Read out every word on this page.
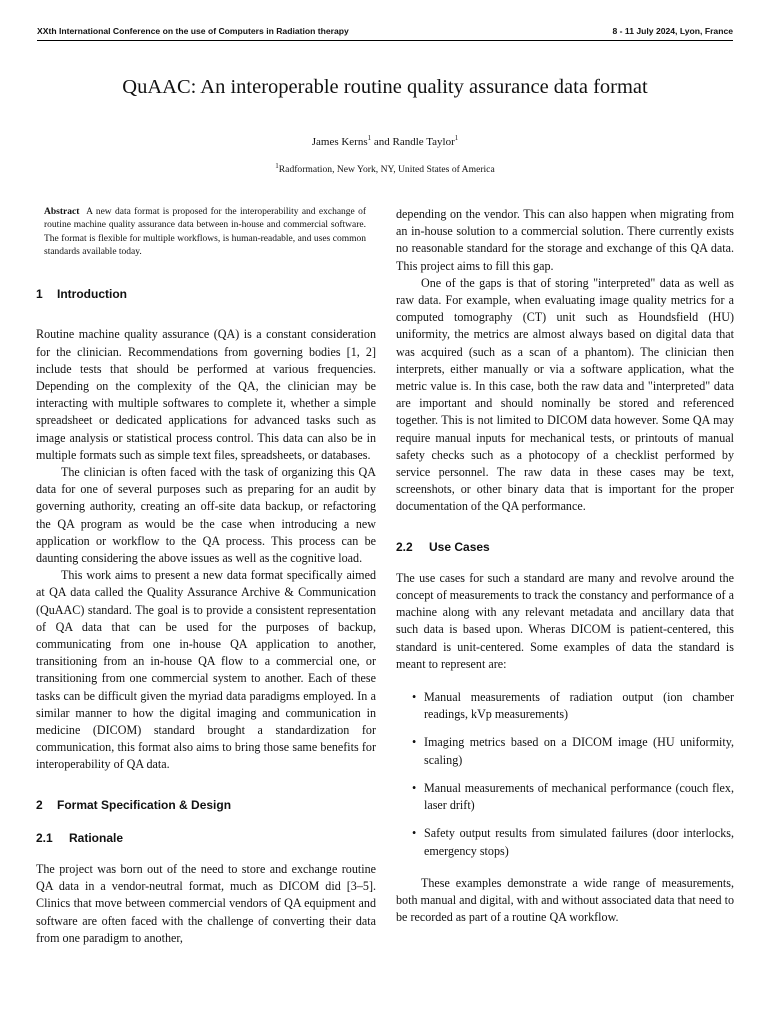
XXth International Conference on the use of Computers in Radiation therapy	8 - 11 July 2024, Lyon, France
QuAAC: An interoperable routine quality assurance data format
James Kerns$^1$ and Randle Taylor$^1$
$^1$Radformation, New York, NY, United States of America

Abstract A new data format is proposed for the interoperability and exchange of routine machine quality assurance data between in-house and commercial software. The format is flexible for multiple workflows, is human-readable, and uses common standards available today.

1 Introduction

Routine machine quality assurance (QA) is a constant consideration for the clinician. Recommendations from governing bodies [1, 2] include tests that should be performed at various frequencies. Depending on the complexity of the QA, the clinician may be interacting with multiple softwares to complete it, whether a simple spreadsheet or dedicated applications for advanced tasks such as image analysis or statistical process control. This data can also be in multiple formats such as simple text files, spreadsheets, or databases.

The clinician is often faced with the task of organizing this QA data for one of several purposes such as preparing for an audit by governing authority, creating an off-site data backup, or refactoring the QA program as would be the case when introducing a new application or workflow to the QA process. This process can be daunting considering the above issues as well as the cognitive load.

This work aims to present a new data format specifically aimed at QA data called the Quality Assurance Archive & Communication (QuAAC) standard. The goal is to provide a consistent representation of QA data that can be used for the purposes of backup, communicating from one in-house QA application to another, transitioning from an in-house QA flow to a commercial one, or transitioning from one commercial system to another. Each of these tasks can be difficult given the myriad data paradigms employed. In a similar manner to how the digital imaging and communication in medicine (DICOM) standard brought a standardization for communication, this format also aims to bring those same benefits for interoperability of QA data.

2 Format Specification & Design
2.1 Rationale

The project was born out of the need to store and exchange routine QA data in a vendor-neutral format, much as DICOM did [3–5]. Clinics that move between commercial vendors of QA equipment and software are often faced with the challenge of converting their data from one paradigm to another,

depending on the vendor. This can also happen when migrating from an in-house solution to a commercial solution. There currently exists no reasonable standard for the storage and exchange of this QA data. This project aims to fill this gap.

One of the gaps is that of storing "interpreted" data as well as raw data. For example, when evaluating image quality metrics for a computed tomography (CT) unit such as Houndsfield (HU) uniformity, the metrics are almost always based on digital data that was acquired (such as a scan of a phantom). The clinician then interprets, either manually or via a software application, what the metric value is. In this case, both the raw data and "interpreted" data are important and should nominally be stored and referenced together. This is not limited to DICOM data however. Some QA may require manual inputs for mechanical tests, or printouts of manual safety checks such as a photocopy of a checklist performed by service personnel. The raw data in these cases may be text, screenshots, or other binary data that is important for the proper documentation of the QA performance.

2.2 Use Cases

The use cases for such a standard are many and revolve around the concept of measurements to track the constancy and performance of a machine along with any relevant metadata and ancillary data that such data is based upon. Wheras DICOM is patient-centered, this standard is unit-centered. Some examples of data the standard is meant to represent are:

• Manual measurements of radiation output (ion chamber readings, kVp measurements)
• Imaging metrics based on a DICOM image (HU uniformity, scaling)
• Manual measurements of mechanical performance (couch flex, laser drift)
• Safety output results from simulated failures (door interlocks, emergency stops)

These examples demonstrate a wide range of measurements, both manual and digital, with and without associated data that need to be recorded as part of a routine QA workflow.
